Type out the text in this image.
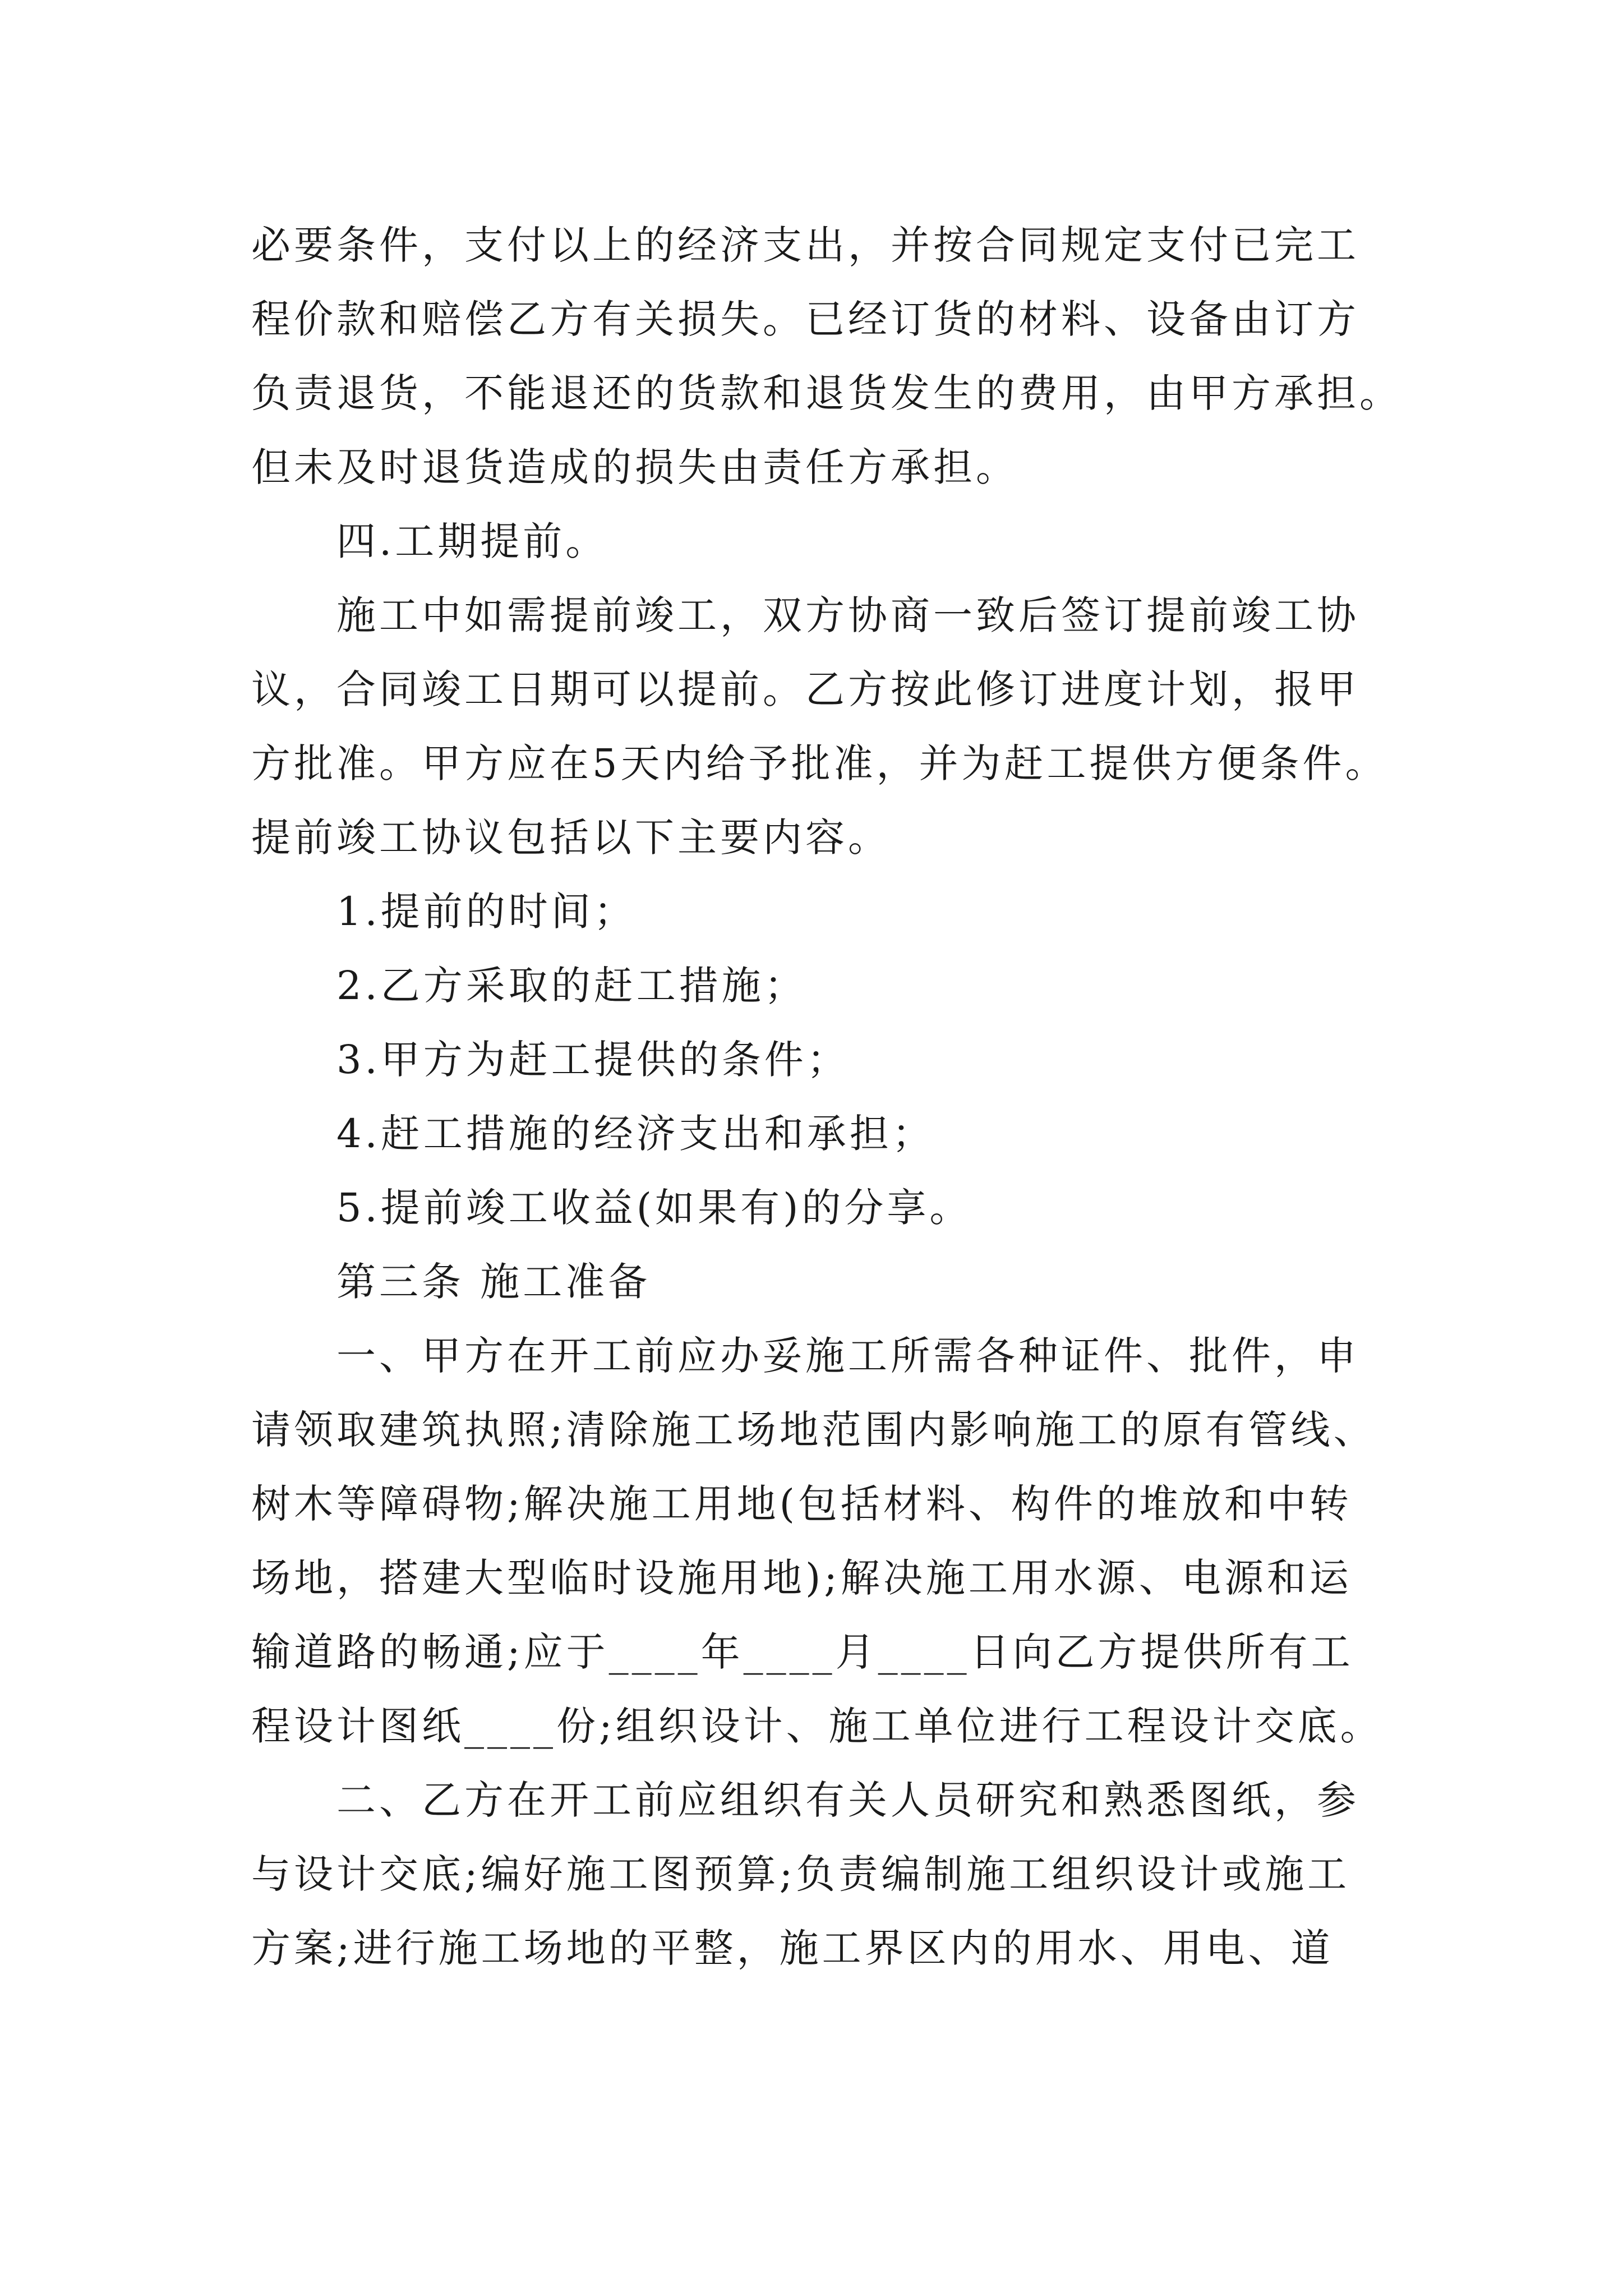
必要条件，支付以上的经济支出，并按合同规定支付已完工
程价款和赔偿乙方有关损失。已经订货的材料、设备由订方
负责退货，不能退还的货款和退货发生的费用，由甲方承担。
但未及时退货造成的损失由责任方承担。
四.工期提前。
施工中如需提前竣工，双方协商一致后签订提前竣工协
议，合同竣工日期可以提前。乙方按此修订进度计划，报甲
方批准。甲方应在5天内给予批准，并为赶工提供方便条件。
提前竣工协议包括以下主要内容。
1.提前的时间；
2.乙方采取的赶工措施；
3.甲方为赶工提供的条件；
4.赶工措施的经济支出和承担；
5.提前竣工收益(如果有)的分享。
第三条 施工准备
一、甲方在开工前应办妥施工所需各种证件、批件，申
请领取建筑执照;清除施工场地范围内影响施工的原有管线、
树木等障碍物;解决施工用地(包括材料、构件的堆放和中转
场地，搭建大型临时设施用地);解决施工用水源、电源和运
输道路的畅通;应于____年____月____日向乙方提供所有工
程设计图纸____份;组织设计、施工单位进行工程设计交底。
二、乙方在开工前应组织有关人员研究和熟悉图纸，参
与设计交底;编好施工图预算;负责编制施工组织设计或施工
方案;进行施工场地的平整，施工界区内的用水、用电、道
